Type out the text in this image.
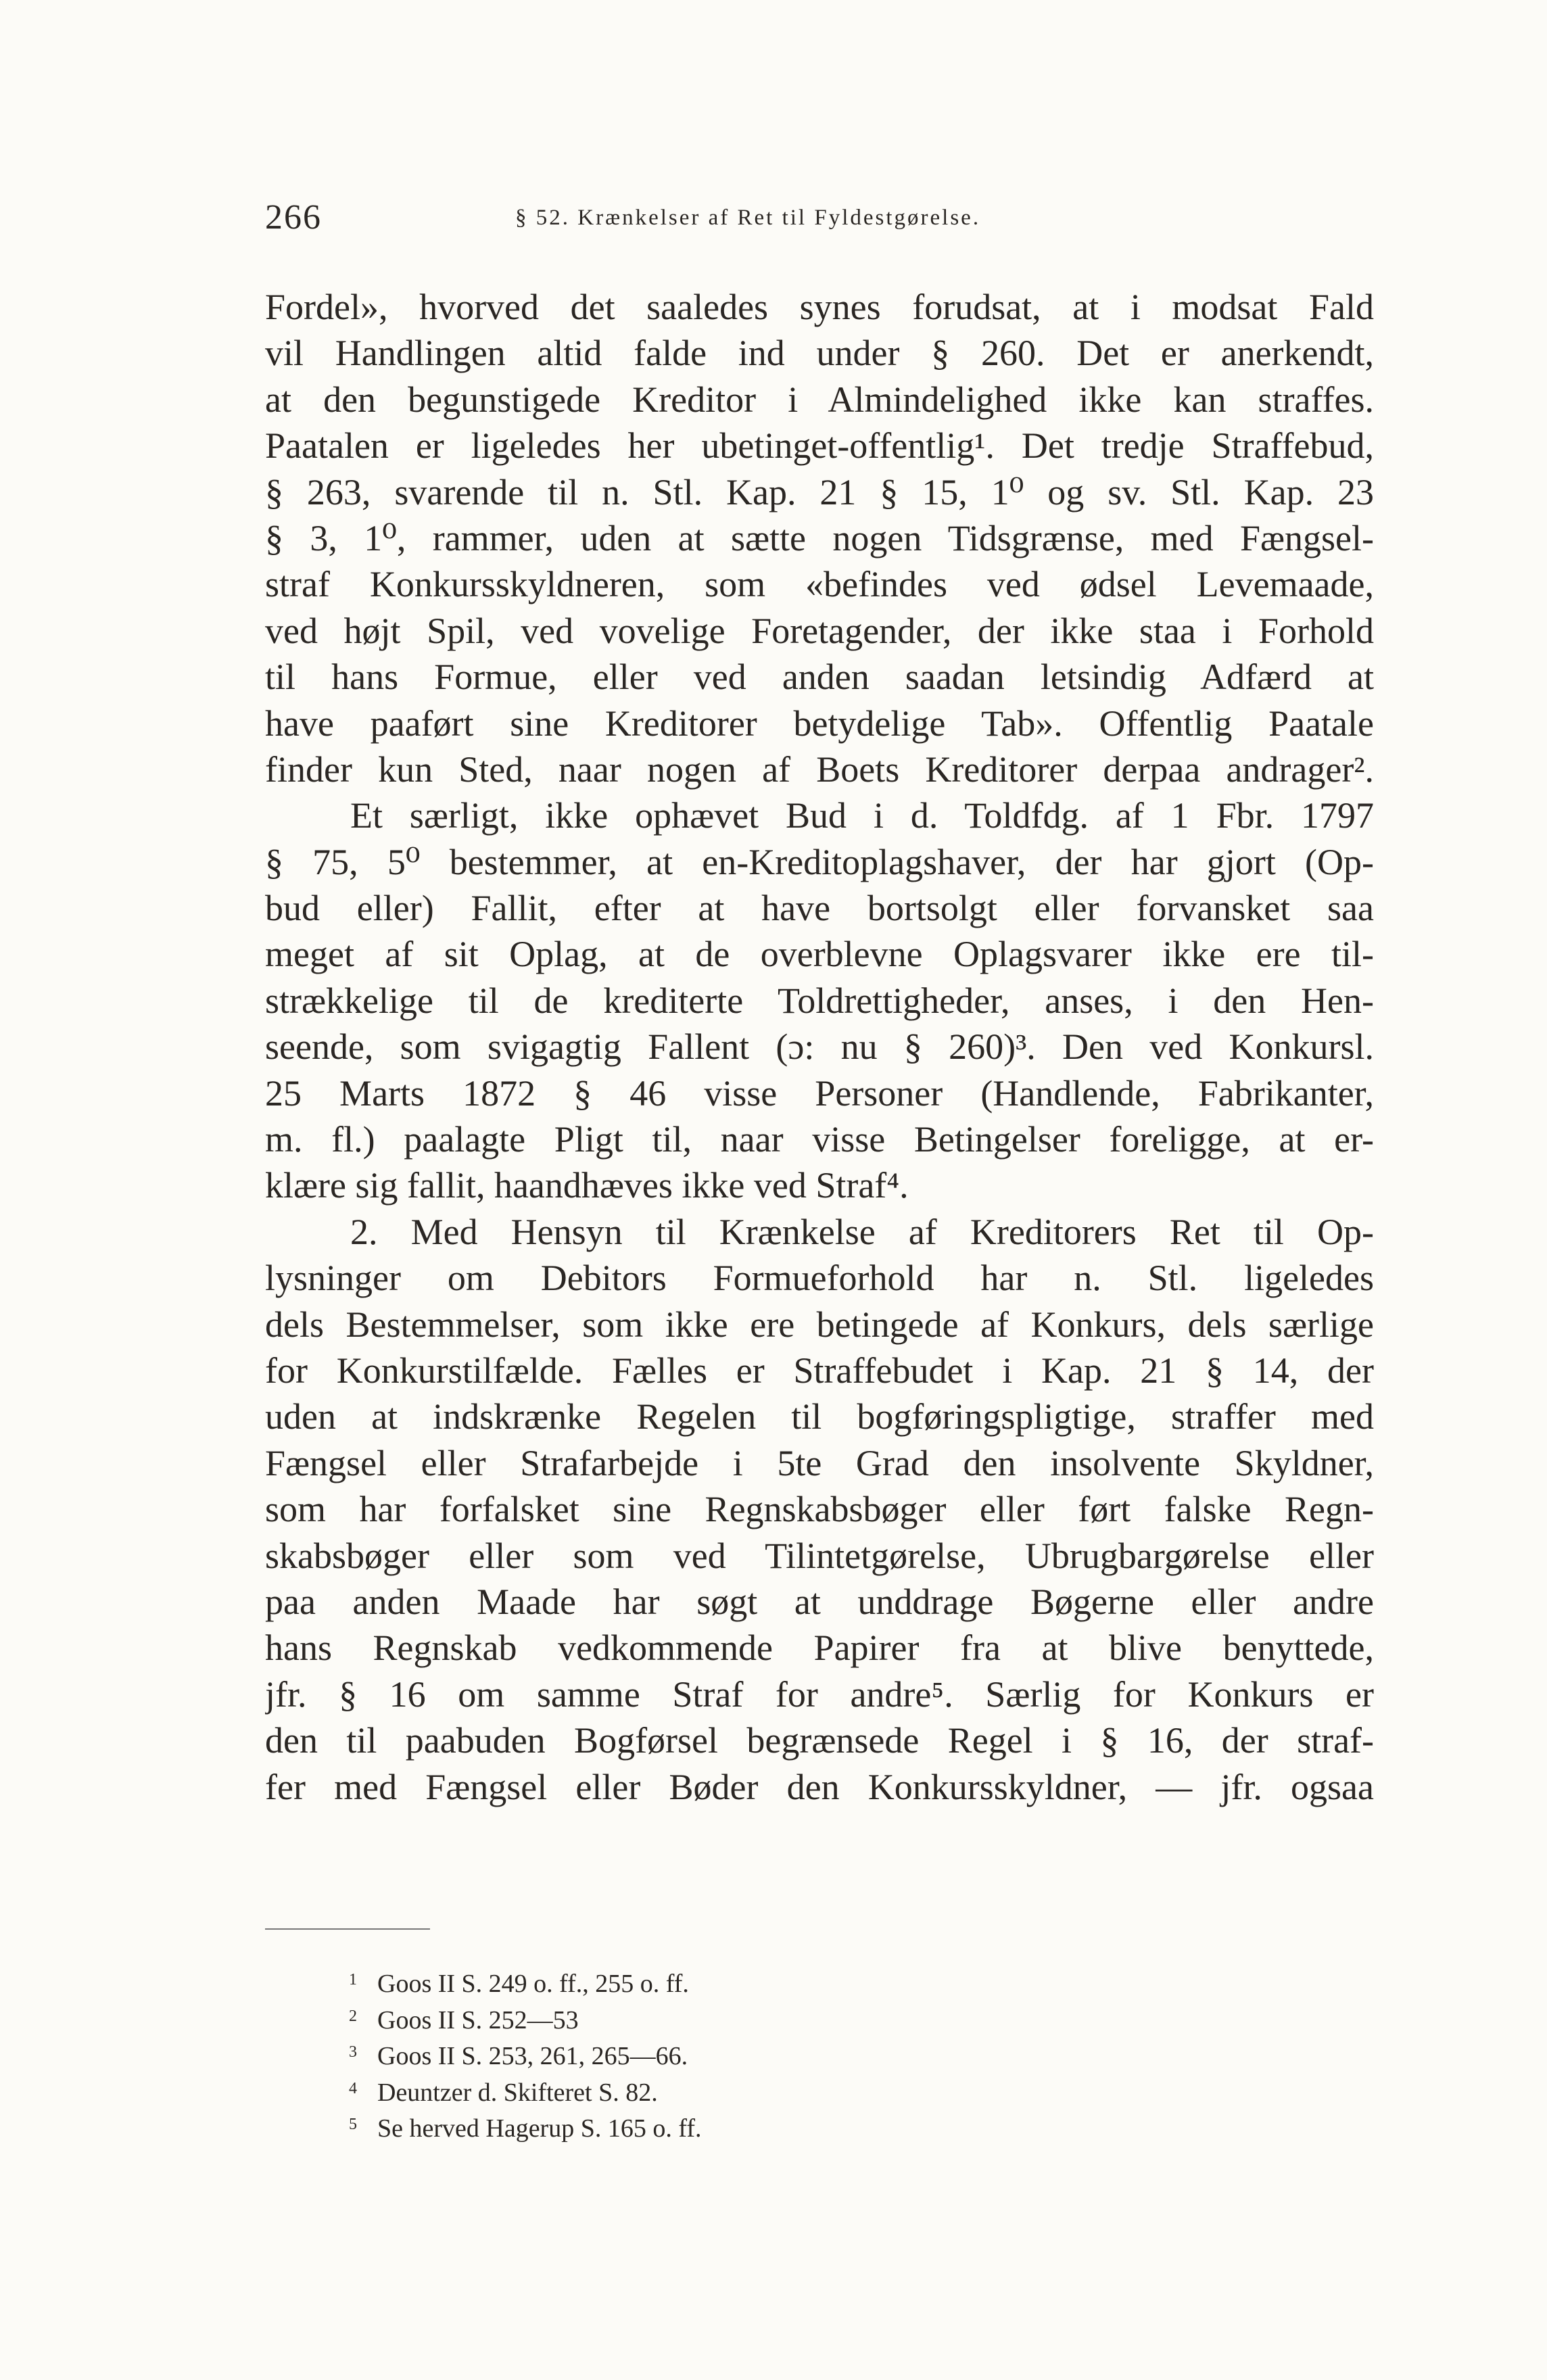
266	§ 52. Krænkelser af Ret til Fyldestgørelse.
Fordel», hvorved det saaledes synes forudsat, at i modsat Fald
vil Handlingen altid falde ind under § 260. Det er anerkendt,
at den begunstigede Kreditor i Almindelighed ikke kan straffes.
Paatalen er ligeledes her ubetinget-offentlig¹. Det tredje Straffebud,
§ 263, svarende til n. Stl. Kap. 21 § 15, 1⁰ og sv. Stl. Kap. 23
§ 3, 1⁰, rammer, uden at sætte nogen Tidsgrænse, med Fængsel-
straf Konkursskyldneren, som «befindes ved ødsel Levemaade,
ved højt Spil, ved vovelige Foretagender, der ikke staa i Forhold
til hans Formue, eller ved anden saadan letsindig Adfærd at
have paaført sine Kreditorer betydelige Tab». Offentlig Paatale
finder kun Sted, naar nogen af Boets Kreditorer derpaa andrager².
Et særligt, ikke ophævet Bud i d. Toldfdg. af 1 Fbr. 1797
§ 75, 5⁰ bestemmer, at en-Kreditoplagshaver, der har gjort (Op-
bud eller) Fallit, efter at have bortsolgt eller forvansket saa
meget af sit Oplag, at de overblevne Oplagsvarer ikke ere til-
strækkelige til de krediterte Toldrettigheder, anses, i den Hen-
seende, som svigagtig Fallent (ɔ: nu § 260)³. Den ved Konkursl.
25 Marts 1872 § 46 visse Personer (Handlende, Fabrikanter,
m. fl.) paalagte Pligt til, naar visse Betingelser foreligge, at er-
klære sig fallit, haandhæves ikke ved Straf⁴.
2. Med Hensyn til Krænkelse af Kreditorers Ret til Op-
lysninger om Debitors Formueforhold har n. Stl. ligeledes
dels Bestemmelser, som ikke ere betingede af Konkurs, dels særlige
for Konkurstilfælde. Fælles er Straffebudet i Kap. 21 § 14, der
uden at indskrænke Regelen til bogføringspligtige, straffer med
Fængsel eller Strafarbejde i 5te Grad den insolvente Skyldner,
som har forfalsket sine Regnskabsbøger eller ført falske Regn-
skabsbøger eller som ved Tilintetgørelse, Ubrugbargørelse eller
paa anden Maade har søgt at unddrage Bøgerne eller andre
hans Regnskab vedkommende Papirer fra at blive benyttede,
jfr. § 16 om samme Straf for andre⁵. Særlig for Konkurs er
den til paabuden Bogførsel begrænsede Regel i § 16, der straf-
fer med Fængsel eller Bøder den Konkursskyldner, — jfr. ogsaa
1 Goos II S. 249 o. ff., 255 o. ff.
2 Goos II S. 252—53
3 Goos II S. 253, 261, 265—66.
4 Deuntzer d. Skifteret S. 82.
5 Se herved Hagerup S. 165 o. ff.
